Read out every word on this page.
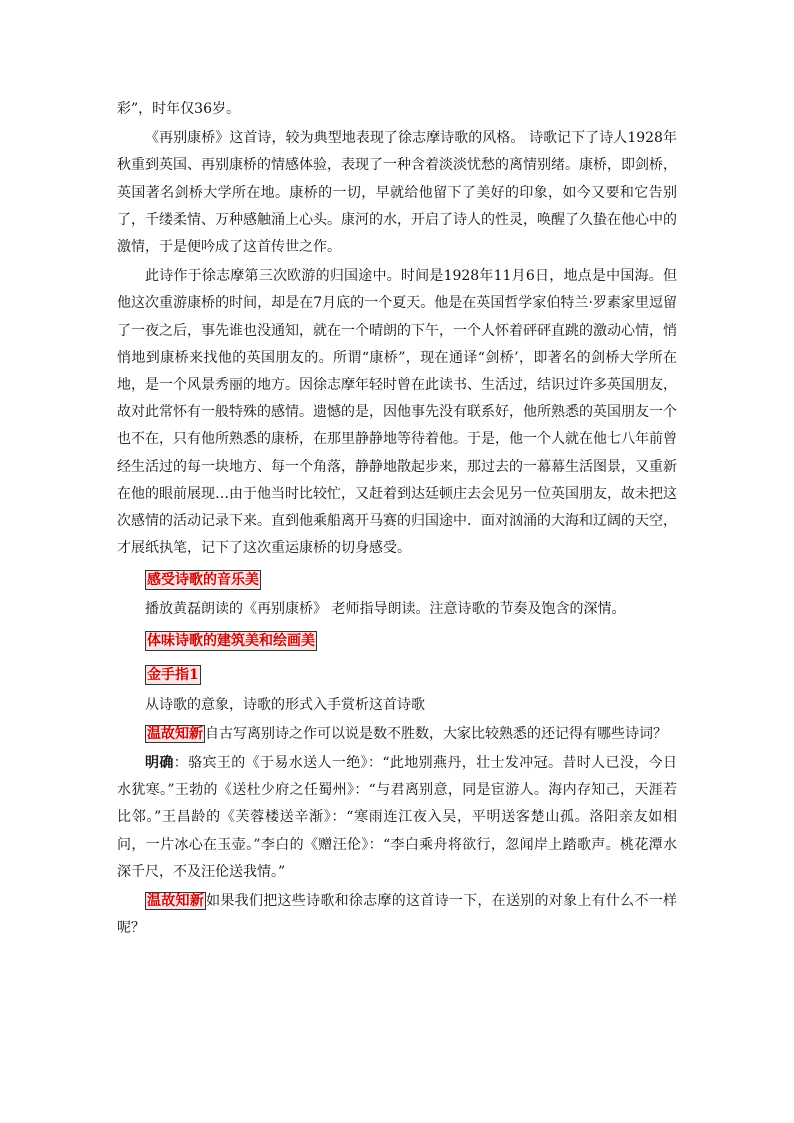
彩”，时年仅36岁。

《再别康桥》这首诗，较为典型地表现了徐志摩诗歌的风格。 诗歌记下了诗人1928年秋重到英国、再别康桥的情感体验，表现了一种含着淡淡忧愁的离情别绪。康桥，即剑桥，英国著名剑桥大学所在地。康桥的一切，早就给他留下了美好的印象，如今又要和它告别了，千缕柔情、万种感触涌上心头。康河的水，开启了诗人的性灵，唤醒了久蛰在他心中的激情，于是便吟成了这首传世之作。

此诗作于徐志摩第三次欧游的归国途中。时间是1928年11月6日，地点是中国海。但他这次重游康桥的时间，却是在7月底的一个夏天。他是在英国哲学家伯特兰·罗素家里逗留了一夜之后，事先谁也没通知，就在一个晴朗的下午，一个人怀着砰砰直跳的激动心情，悄悄地到康桥来找他的英国朋友的。所谓“康桥”，现在通译“剑桥’，即著名的剑桥大学所在地，是一个风景秀丽的地方。因徐志摩年轻时曾在此读书、生活过，结识过许多英国朋友，故对此常怀有一般特殊的感情。遗憾的是，因他事先没有联系好，他所熟悉的英国朋友一个也不在，只有他所熟悉的康桥，在那里静静地等待着他。于是，他一个人就在他七八年前曾经生活过的每一块地方、每一个角落，静静地散起步来，那过去的一幕幕生活图景，又重新在他的眼前展现…由于他当时比较忙，又赶着到达廷顿庄去会见另一位英国朋友，故未把这次感情的活动记录下来。直到他乘船离开马赛的归国途中．面对汹涌的大海和辽阔的天空，才展纸执笔，记下了这次重运康桥的切身感受。

感受诗歌的音乐美

播放黄磊朗读的《再别康桥》 老师指导朗读。注意诗歌的节奏及饱含的深情。

体味诗歌的建筑美和绘画美
金手指1

从诗歌的意象，诗歌的形式入手赏析这首诗歌

温故知新 自古写离别诗之作可以说是数不胜数，大家比较熟悉的还记得有哪些诗词？

明确：骆宾王的《于易水送人一绝》：“此地别燕丹，壮士发冲冠。昔时人已没，今日水犹寒。”王勃的《送杜少府之任蜀州》：“与君离别意，同是宦游人。海内存知己，天涯若比邻。”王昌龄的《芙蓉楼送辛渐》：“寒雨连江夜入吴，平明送客楚山孤。洛阳亲友如相问，一片冰心在玉壶。”李白的《赠汪伦》：“李白乘舟将欲行，忽闻岸上踏歌声。桃花潭水深千尺，不及汪伦送我情。”

温故知新 如果我们把这些诗歌和徐志摩的这首诗一下，在送别的对象上有什么不一样呢？
